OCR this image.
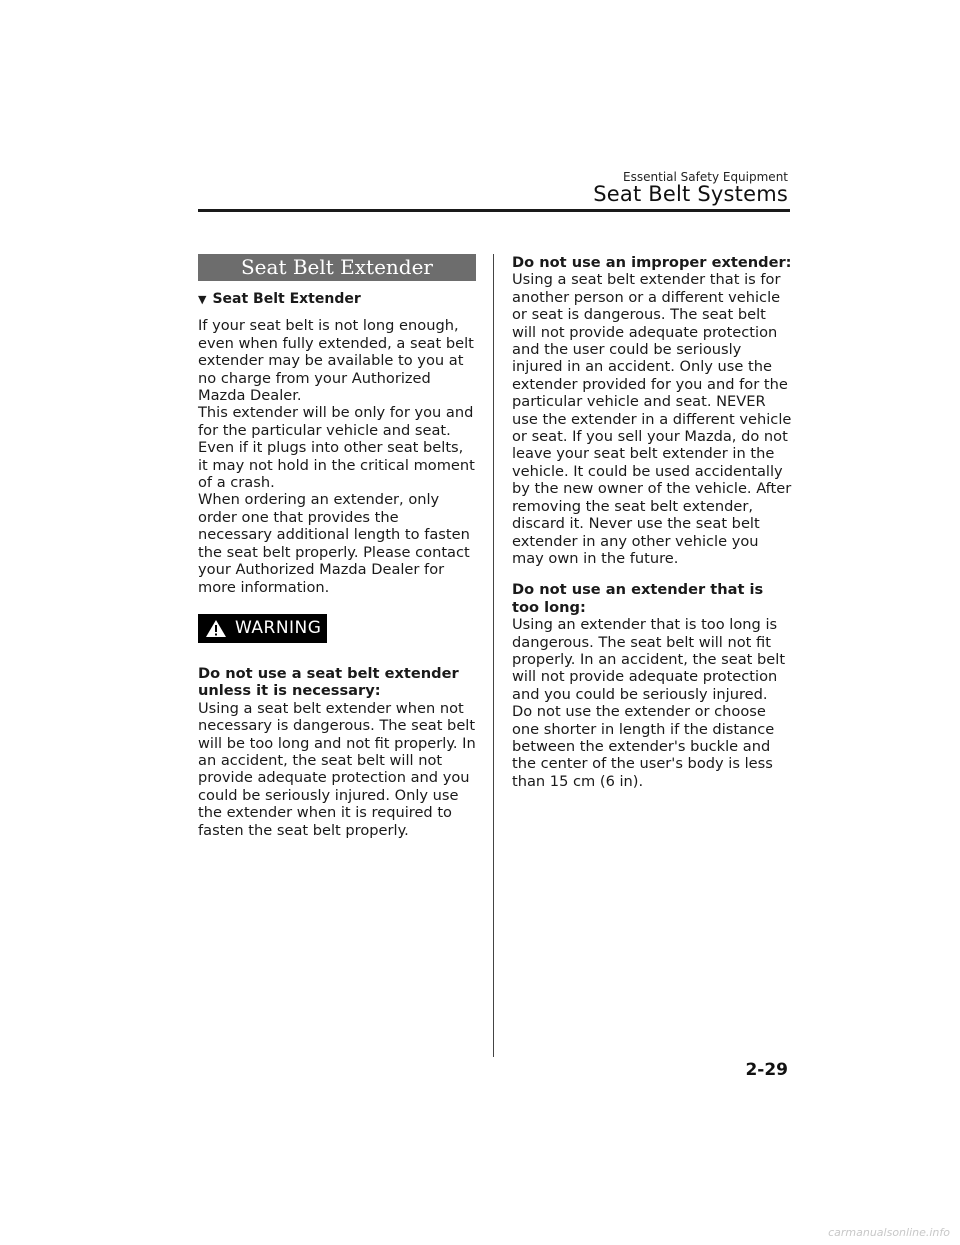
Essential Safety Equipment
Seat Belt Systems
Seat Belt Extender
▼ Seat Belt Extender

If your seat belt is not long enough, even when fully extended, a seat belt extender may be available to you at no charge from your Authorized Mazda Dealer.
This extender will be only for you and for the particular vehicle and seat. Even if it plugs into other seat belts, it may not hold in the critical moment of a crash.
When ordering an extender, only order one that provides the necessary additional length to fasten the seat belt properly. Please contact your Authorized Mazda Dealer for more information.

WARNING

Do not use a seat belt extender unless it is necessary:

Using a seat belt extender when not necessary is dangerous. The seat belt will be too long and not fit properly. In an accident, the seat belt will not provide adequate protection and you could be seriously injured. Only use the extender when it is required to fasten the seat belt properly.

Do not use an improper extender:

Using a seat belt extender that is for another person or a different vehicle or seat is dangerous. The seat belt will not provide adequate protection and the user could be seriously injured in an accident. Only use the extender provided for you and for the particular vehicle and seat. NEVER use the extender in a different vehicle or seat. If you sell your Mazda, do not leave your seat belt extender in the vehicle. It could be used accidentally by the new owner of the vehicle. After removing the seat belt extender, discard it. Never use the seat belt extender in any other vehicle you may own in the future.

Do not use an extender that is too long:

Using an extender that is too long is dangerous. The seat belt will not fit properly. In an accident, the seat belt will not provide adequate protection and you could be seriously injured. Do not use the extender or choose one shorter in length if the distance between the extender's buckle and the center of the user's body is less than 15 cm (6 in).

2-29
carmanualsonline.info
